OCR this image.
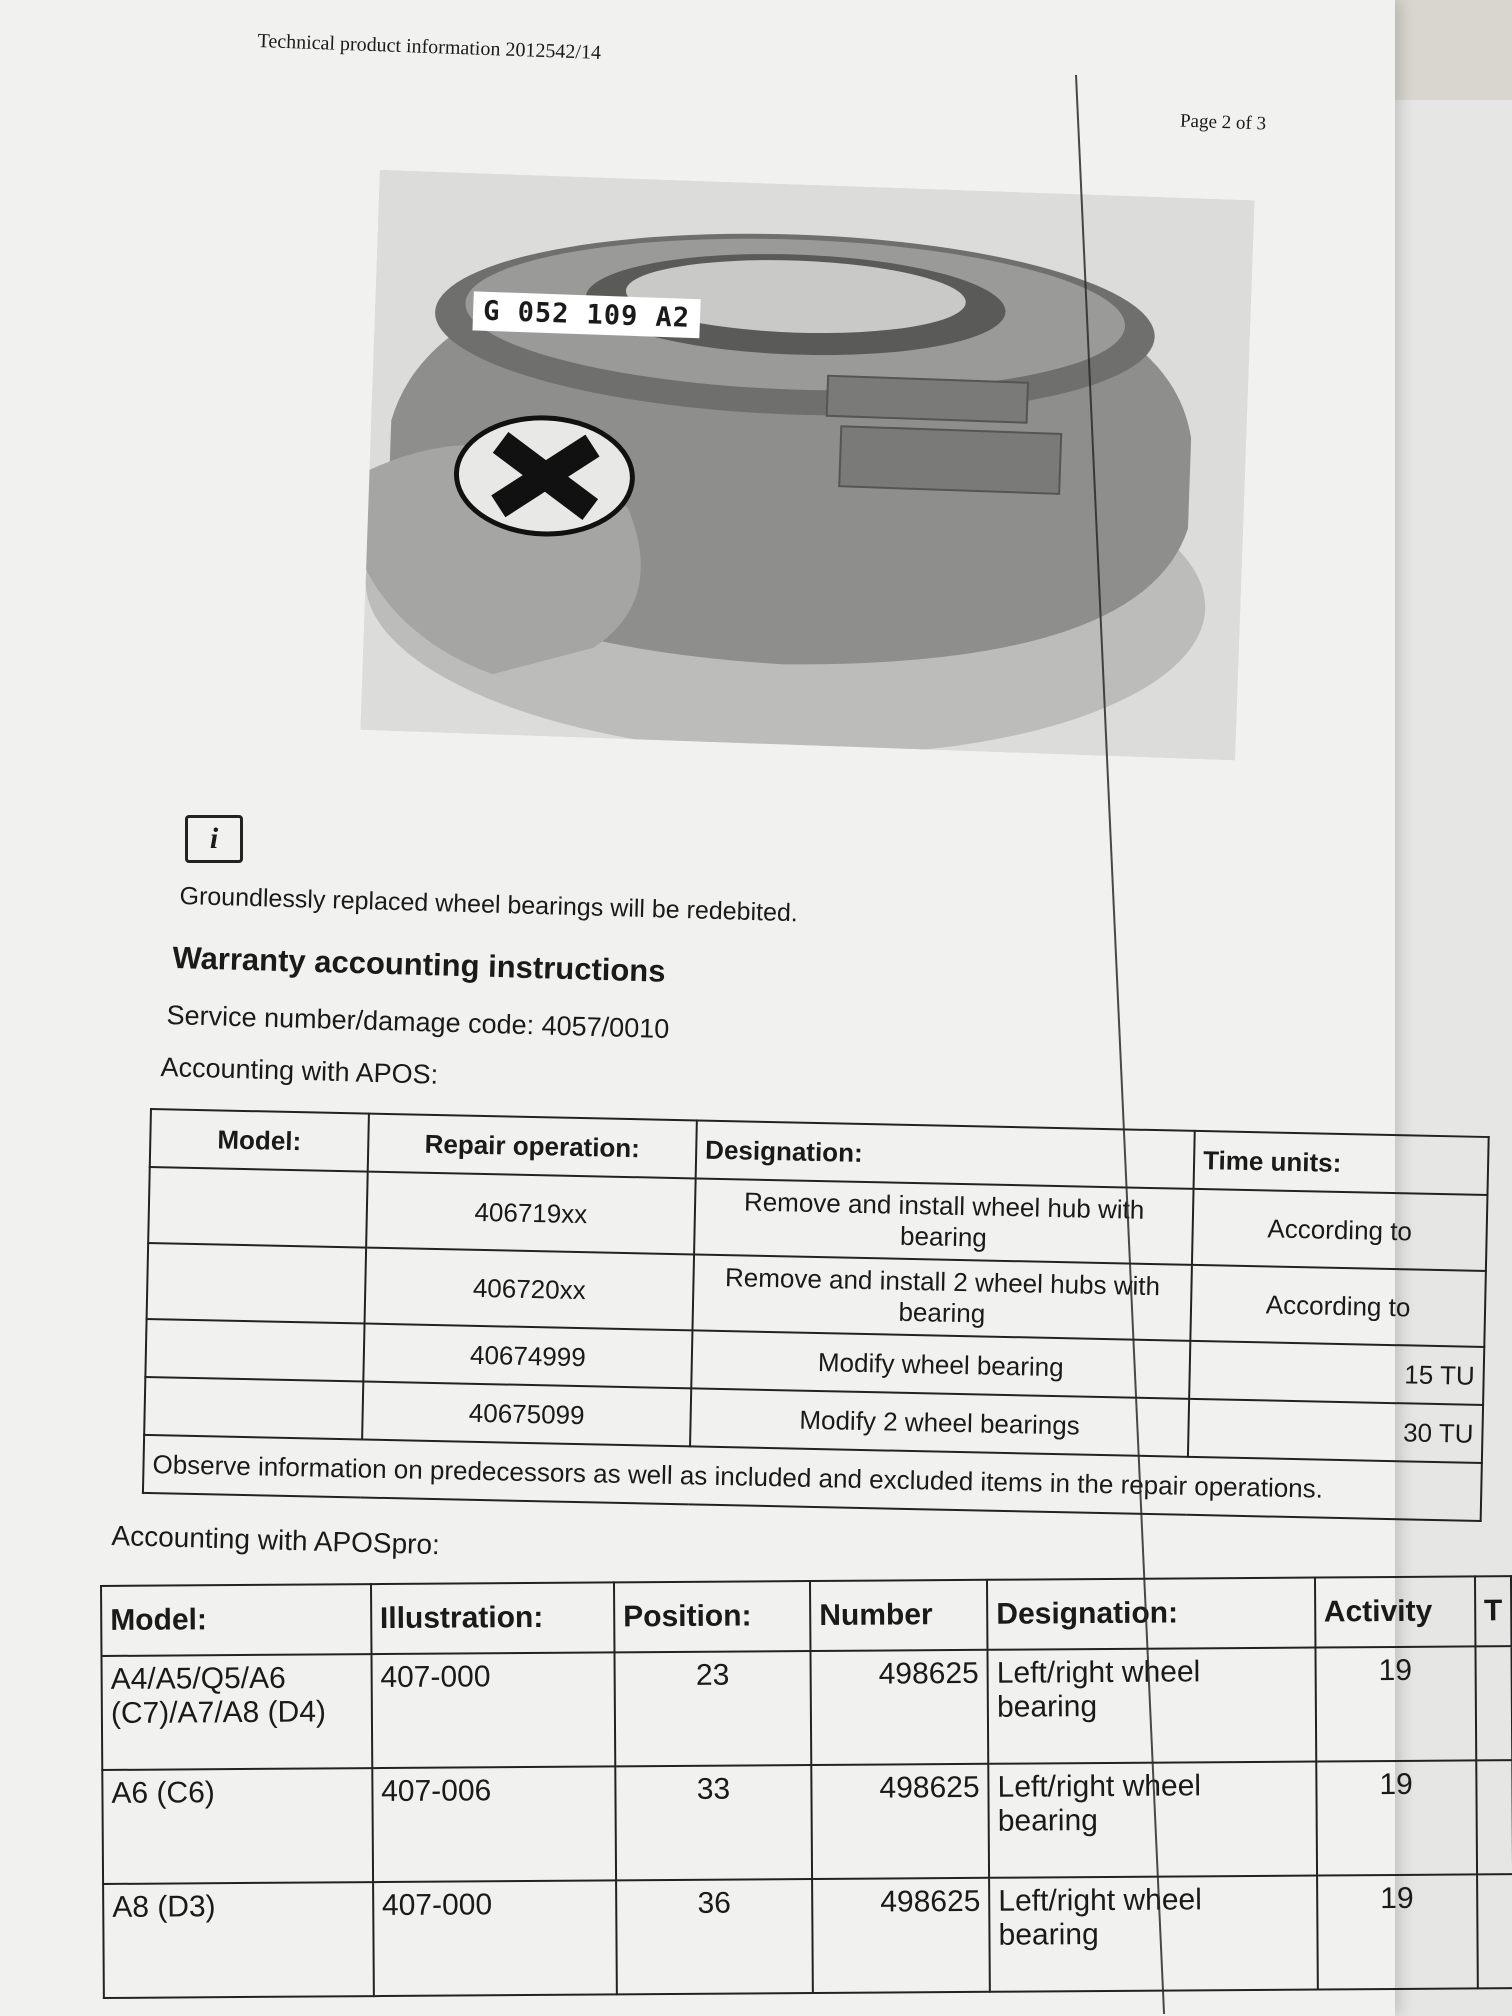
Technical product information 2012542/14
Page 2 of 3
G 052 109 A2
i
Groundlessly replaced wheel bearings will be redebited.
Warranty accounting instructions
Service number/damage code: 4057/0010
Accounting with APOS:
Model:	Repair operation:	Designation:	Time units:
	406719xx	Remove and install wheel hub with bearing	According to
	406720xx	Remove and install 2 wheel hubs with bearing	According to
	40674999	Modify wheel bearing	15 TU
	40675099	Modify 2 wheel bearings	30 TU
Observe information on predecessors as well as included and excluded items in the repair operations.			
Accounting with APOSpro:
Model:	Illustration:	Position:	Number	Designation:	Activity	T
A4/A5/Q5/A6 (C7)/A7/A8 (D4)	407-000	23	498625	Left/right wheel bearing	19	
A6 (C6)	407-006	33	498625	Left/right wheel bearing	19	
A8 (D3)	407-000	36	498625	Left/right wheel bearing	19	
